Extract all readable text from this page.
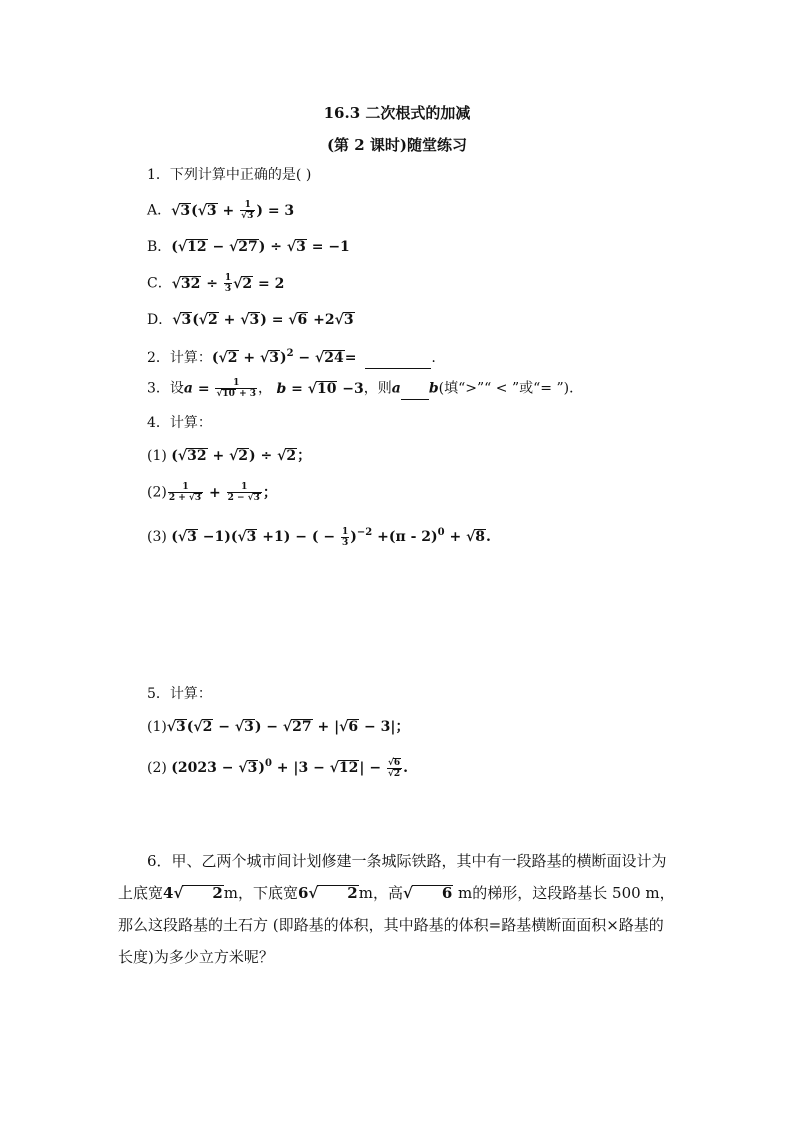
16.3 二次根式的加减
(第 2 课时)随堂练习
1．下列计算中正确的是( )
A．$√3(√3 + \frac{1}{√3}$ ) = 3
B．(√12 − √27) ÷ √3 = −1
C．$√32 \div \frac{1}{3} √2 = 2$
D．√3(√2 + √3) = √6 +2√3
2．计算：$(√2 + √3)^2 - √24=$	.
3．设$a = \frac{1}{√10 + 3}$ ， b = √10 −3，则a b(填“>”“ < ”或“= ”)．
4．计算：
(1) (√32 + √2) ÷ √2；
$(2) \frac{1}{2 + √3} + \frac{1}{2 - √3}$ ；
(3) (√3 −1)(√3 +1) − ( − $\frac{1}{3} )^{-2} +(\pi - 2)^0 + √8$.
5．计算：
(1)√3(√2 − √3) − √27 + |√6 − 3|；
(2) $(2023 - √3)^0 + |3 - √12| - \frac{√6}{√2}$ .
6．甲、乙两个城市间计划修建一条城际铁路，其中有一段路基的横断面设计为上底宽4√ 2m，下底宽6√ 2m，高√ 6 m的梯形，这段路基长 500 m，那么这段路基的土石方 (即路基的体积，其中路基的体积=路基横断面面积×路基的长度)为多少立方米呢？
